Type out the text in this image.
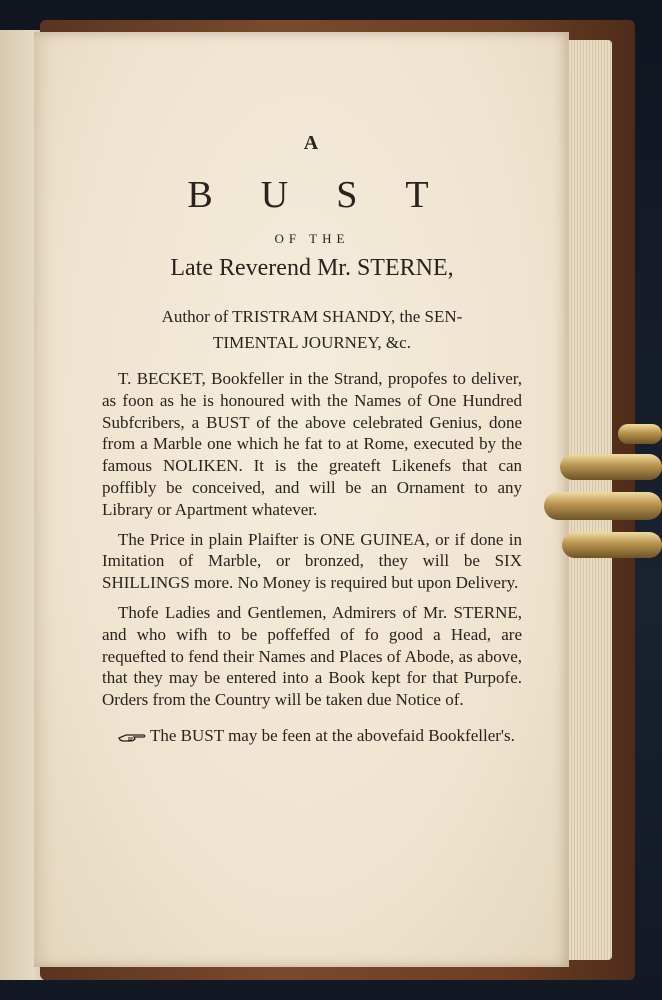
A
BUST
OF THE
Late Reverend Mr. STERNE,
Author of TRISTRAM SHANDY, the SEN-
TIMENTAL JOURNEY, &c.

T. BECKET, Bookfeller in the Strand, propofes to deliver, as foon as he is honoured with the Names of One Hundred Subfcribers, a BUST of the above celebrated Genius, done from a Marble one which he fat to at Rome, executed by the famous NOLIKEN. It is the greateft Likenefs that can poffibly be conceived, and will be an Ornament to any Library or Apartment whatever.

The Price in plain Plaifter is ONE GUINEA, or if done in Imitation of Marble, or bronzed, they will be SIX SHILLINGS more. No Money is required but upon Delivery.

Thofe Ladies and Gentlemen, Admirers of Mr. STERNE, and who wifh to be poffeffed of fo good a Head, are requefted to fend their Names and Places of Abode, as above, that they may be entered into a Book kept for that Purpofe. Orders from the Country will be taken due Notice of.

The BUST may be feen at the abovefaid Bookfeller's.
